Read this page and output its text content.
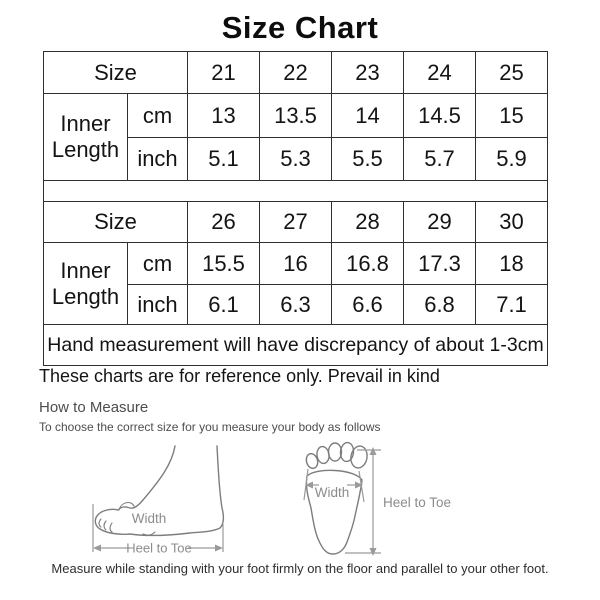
Size Chart
Size		21	22	23	24	25
Inner
Length	cm	13	13.5	14	14.5	15
	inch	5.1	5.3	5.5	5.7	5.9

Size		26	27	28	29	30
Inner
Length	cm	15.5	16	16.8	17.3	18
	inch	6.1	6.3	6.6	6.8	7.1
Hand measurement will have discrepancy of about 1-3cm						
These charts are for reference only. Prevail in kind
How to Measure
To choose the correct size for you measure your body as follows
Width
Heel to Toe
Width
Heel to Toe
Measure while standing with your foot firmly on the floor and parallel to your other foot.
